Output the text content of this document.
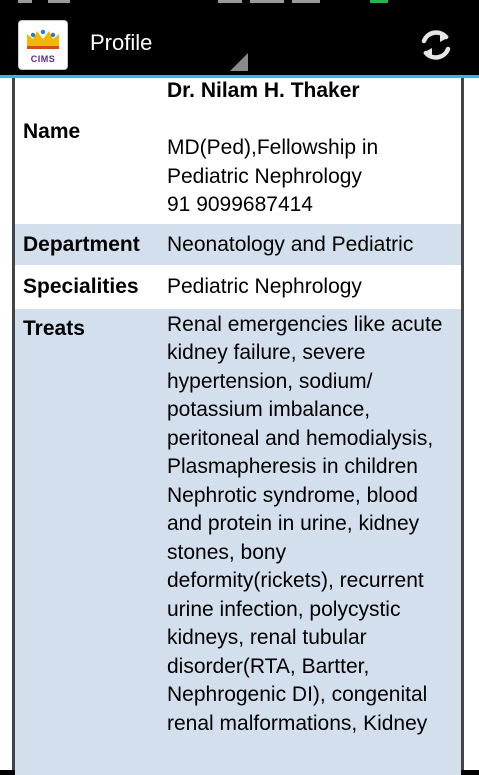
CIMS
Profile
Name	Dr. Nilam H. Thaker
MD(Ped),Fellowship in Pediatric Nephrology
91 9099687414

Department	Neonatology and Pediatric
Specialities	Pediatric Nephrology
Treats	Renal emergencies like acute kidney failure, severe hypertension, sodium/ potassium imbalance, peritoneal and hemodialysis, Plasmapheresis in children Nephrotic syndrome, blood and protein in urine, kidney stones, bony deformity(rickets), recurrent urine infection, polycystic kidneys, renal tubular disorder(RTA, Bartter, Nephrogenic DI), congenital renal malformations, Kidney
